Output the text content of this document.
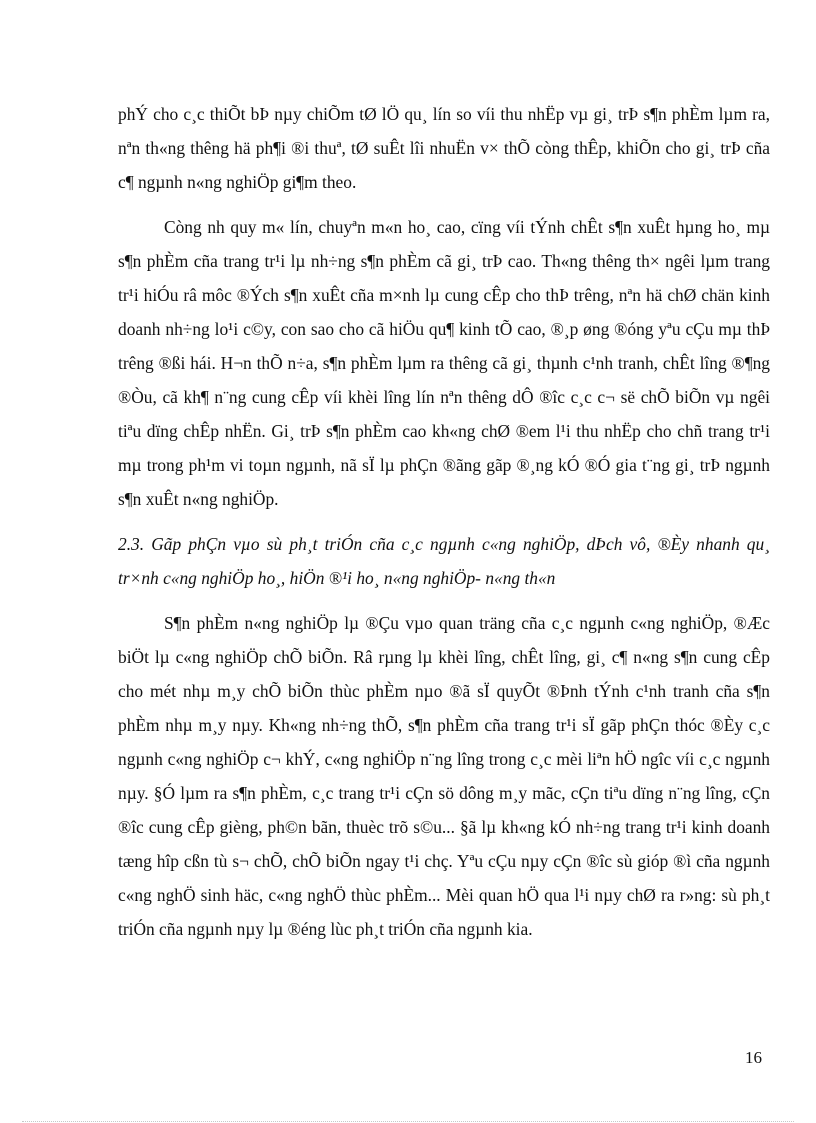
phÝ cho c¸c thiÕt bÞ nµy chiÕm tØ lÖ qu¸ lín so víi thu nhËp vµ gi¸ trÞ s¶n phÈm lµm ra, nªn th«ng thêng hä ph¶i ®i thuª, tØ suÊt lîi nhuËn v× thÕ còng thÊp, khiÕn cho gi¸ trÞ cña c¶ ngµnh n«ng nghiÖp gi¶m theo.

Còng nh quy m« lín, chuyªn m«n ho¸ cao, cïng víi tÝnh chÊt s¶n xuÊt hµng ho¸ mµ s¶n phÈm cña trang tr¹i lµ nh÷ng s¶n phÈm cã gi¸ trÞ cao. Th«ng thêng th× ngêi lµm trang tr¹i hiÓu râ môc ®Ých s¶n xuÊt cña m×nh lµ cung cÊp cho thÞ trêng, nªn hä chØ chän kinh doanh nh÷ng lo¹i c©y, con sao cho cã hiÖu qu¶ kinh tÕ cao, ®¸p øng ®óng yªu cÇu mµ thÞ trêng ®ßi hái. H¬n thÕ n÷a, s¶n phÈm lµm ra thêng cã gi¸ thµnh c¹nh tranh, chÊt lîng ®¶ng ®Òu, cã kh¶ n¨ng cung cÊp víi khèi lîng lín nªn thêng dÔ ®îc c¸c c¬ së chÕ biÕn vµ ngêi tiªu dïng chÊp nhËn. Gi¸ trÞ s¶n phÈm cao kh«ng chØ ®em l¹i thu nhËp cho chñ trang tr¹i mµ trong ph¹m vi toµn ngµnh, nã sÏ lµ phÇn ®ãng gãp ®¸ng kÓ ®Ó gia t¨ng gi¸ trÞ ngµnh s¶n xuÊt n«ng nghiÖp.

2.3. Gãp phÇn vµo sù ph¸t triÓn cña c¸c ngµnh c«ng nghiÖp, dÞch vô, ®Èy nhanh qu¸ tr×nh c«ng nghiÖp ho¸, hiÖn ®¹i ho¸ n«ng nghiÖp- n«ng th«n

S¶n phÈm n«ng nghiÖp lµ ®Çu vµo quan träng cña c¸c ngµnh c«ng nghiÖp, ®Æc biÖt lµ c«ng nghiÖp chÕ biÕn. Râ rµng lµ khèi lîng, chÊt lîng, gi¸ c¶ n«ng s¶n cung cÊp cho mét nhµ m¸y chÕ biÕn thùc phÈm nµo ®ã sÏ quyÕt ®Þnh tÝnh c¹nh tranh cña s¶n phÈm nhµ m¸y nµy. Kh«ng nh÷ng thÕ, s¶n phÈm cña trang tr¹i sÏ gãp phÇn thóc ®Èy c¸c ngµnh c«ng nghiÖp c¬ khÝ, c«ng nghiÖp n¨ng lîng trong c¸c mèi liªn hÖ ngîc víi c¸c ngµnh nµy. §Ó lµm ra s¶n phÈm, c¸c trang tr¹i cÇn sö dông m¸y mãc, cÇn tiªu dïng n¨ng lîng, cÇn ®îc cung cÊp gièng, ph©n bãn, thuèc trõ s©u... §ã lµ kh«ng kÓ nh÷ng trang tr¹i kinh doanh tæng hîp cßn tù s¬ chÕ, chÕ biÕn ngay t¹i chç. Yªu cÇu nµy cÇn ®îc sù gióp ®ì cña ngµnh c«ng nghÖ sinh häc, c«ng nghÖ thùc phÈm... Mèi quan hÖ qua l¹i nµy chØ ra r»ng: sù ph¸t triÓn cña ngµnh nµy lµ ®éng lùc ph¸t triÓn cña ngµnh kia.

16
